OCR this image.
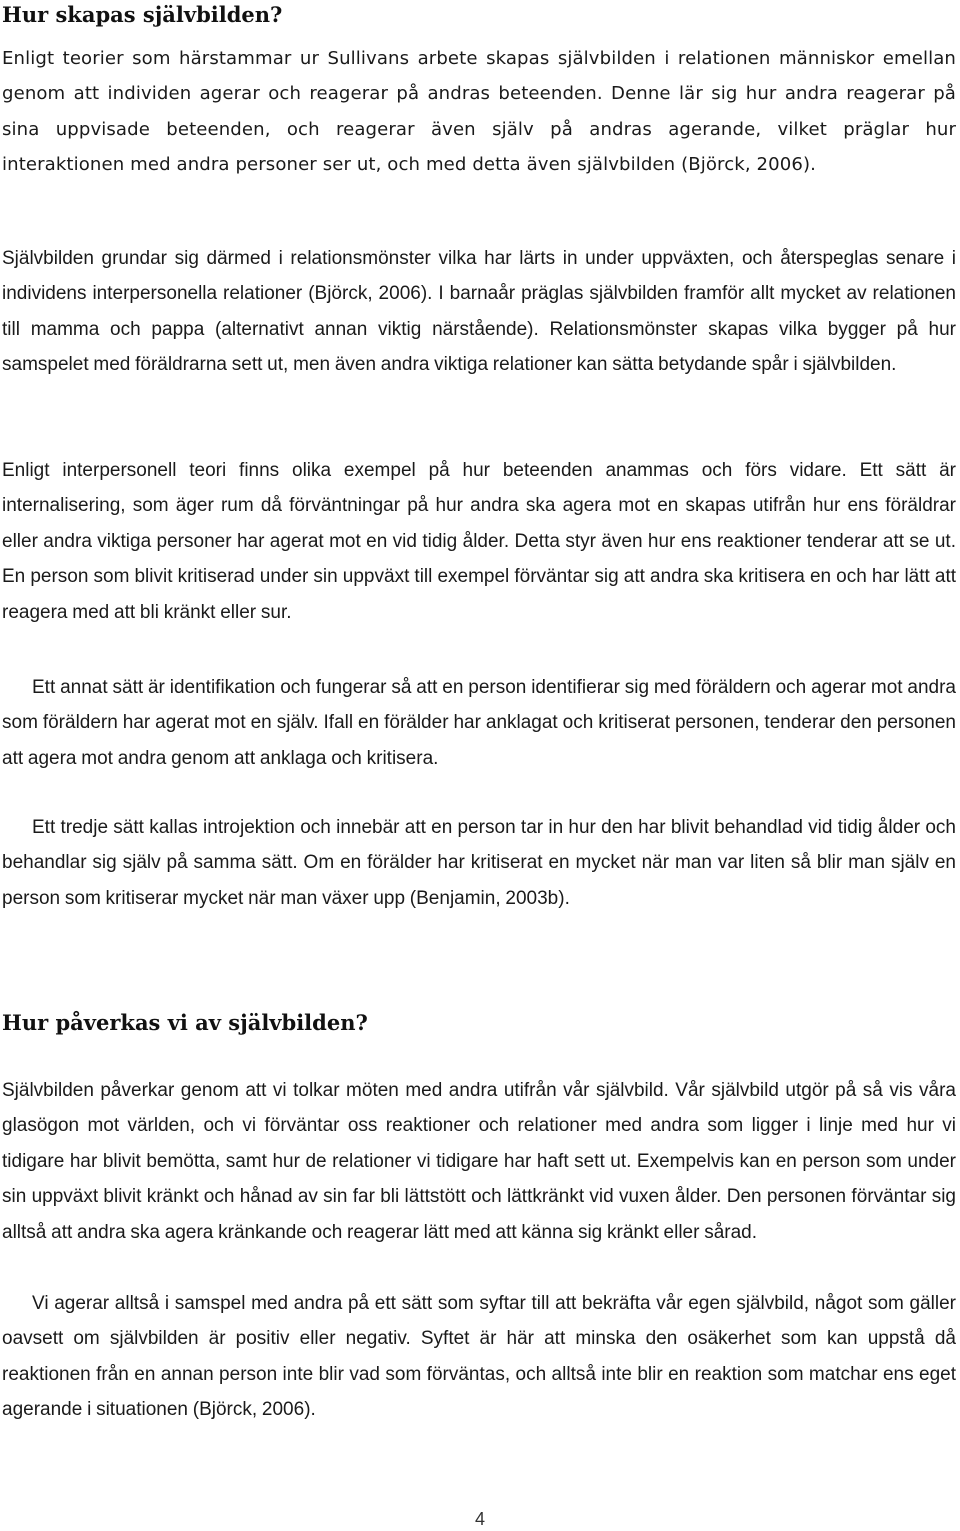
Hur skapas självbilden?

Enligt teorier som härstammar ur Sullivans arbete skapas självbilden i relationen människor emellan genom att individen agerar och reagerar på andras beteenden. Denne lär sig hur andra reagerar på sina uppvisade beteenden, och reagerar även själv på andras agerande, vilket präglar hur interaktionen med andra personer ser ut, och med detta även självbilden (Björck, 2006).

Självbilden grundar sig därmed i relationsmönster vilka har lärts in under uppväxten, och återspeglas senare i individens interpersonella relationer (Björck, 2006). I barnaår präglas självbilden framför allt mycket av relationen till mamma och pappa (alternativt annan viktig närstående). Relationsmönster skapas vilka bygger på hur samspelet med föräldrarna sett ut, men även andra viktiga relationer kan sätta betydande spår i självbilden.

Enligt interpersonell teori finns olika exempel på hur beteenden anammas och förs vidare. Ett sätt är internalisering, som äger rum då förväntningar på hur andra ska agera mot en skapas utifrån hur ens föräldrar eller andra viktiga personer har agerat mot en vid tidig ålder. Detta styr även hur ens reaktioner tenderar att se ut. En person som blivit kritiserad under sin uppväxt till exempel förväntar sig att andra ska kritisera en och har lätt att reagera med att bli kränkt eller sur.

Ett annat sätt är identifikation och fungerar så att en person identifierar sig med föräldern och agerar mot andra som föräldern har agerat mot en själv. Ifall en förälder har anklagat och kritiserat personen, tenderar den personen att agera mot andra genom att anklaga och kritisera.

Ett tredje sätt kallas introjektion och innebär att en person tar in hur den har blivit behandlad vid tidig ålder och behandlar sig själv på samma sätt. Om en förälder har kritiserat en mycket när man var liten så blir man själv en person som kritiserar mycket när man växer upp (Benjamin, 2003b).

Hur påverkas vi av självbilden?

Självbilden påverkar genom att vi tolkar möten med andra utifrån vår självbild. Vår självbild utgör på så vis våra glasögon mot världen, och vi förväntar oss reaktioner och relationer med andra som ligger i linje med hur vi tidigare har blivit bemötta, samt hur de relationer vi tidigare har haft sett ut. Exempelvis kan en person som under sin uppväxt blivit kränkt och hånad av sin far bli lättstött och lättkränkt vid vuxen ålder. Den personen förväntar sig alltså att andra ska agera kränkande och reagerar lätt med att känna sig kränkt eller sårad.

Vi agerar alltså i samspel med andra på ett sätt som syftar till att bekräfta vår egen självbild, något som gäller oavsett om självbilden är positiv eller negativ. Syftet är här att minska den osäkerhet som kan uppstå då reaktionen från en annan person inte blir vad som förväntas, och alltså inte blir en reaktion som matchar ens eget agerande i situationen (Björck, 2006).

4
